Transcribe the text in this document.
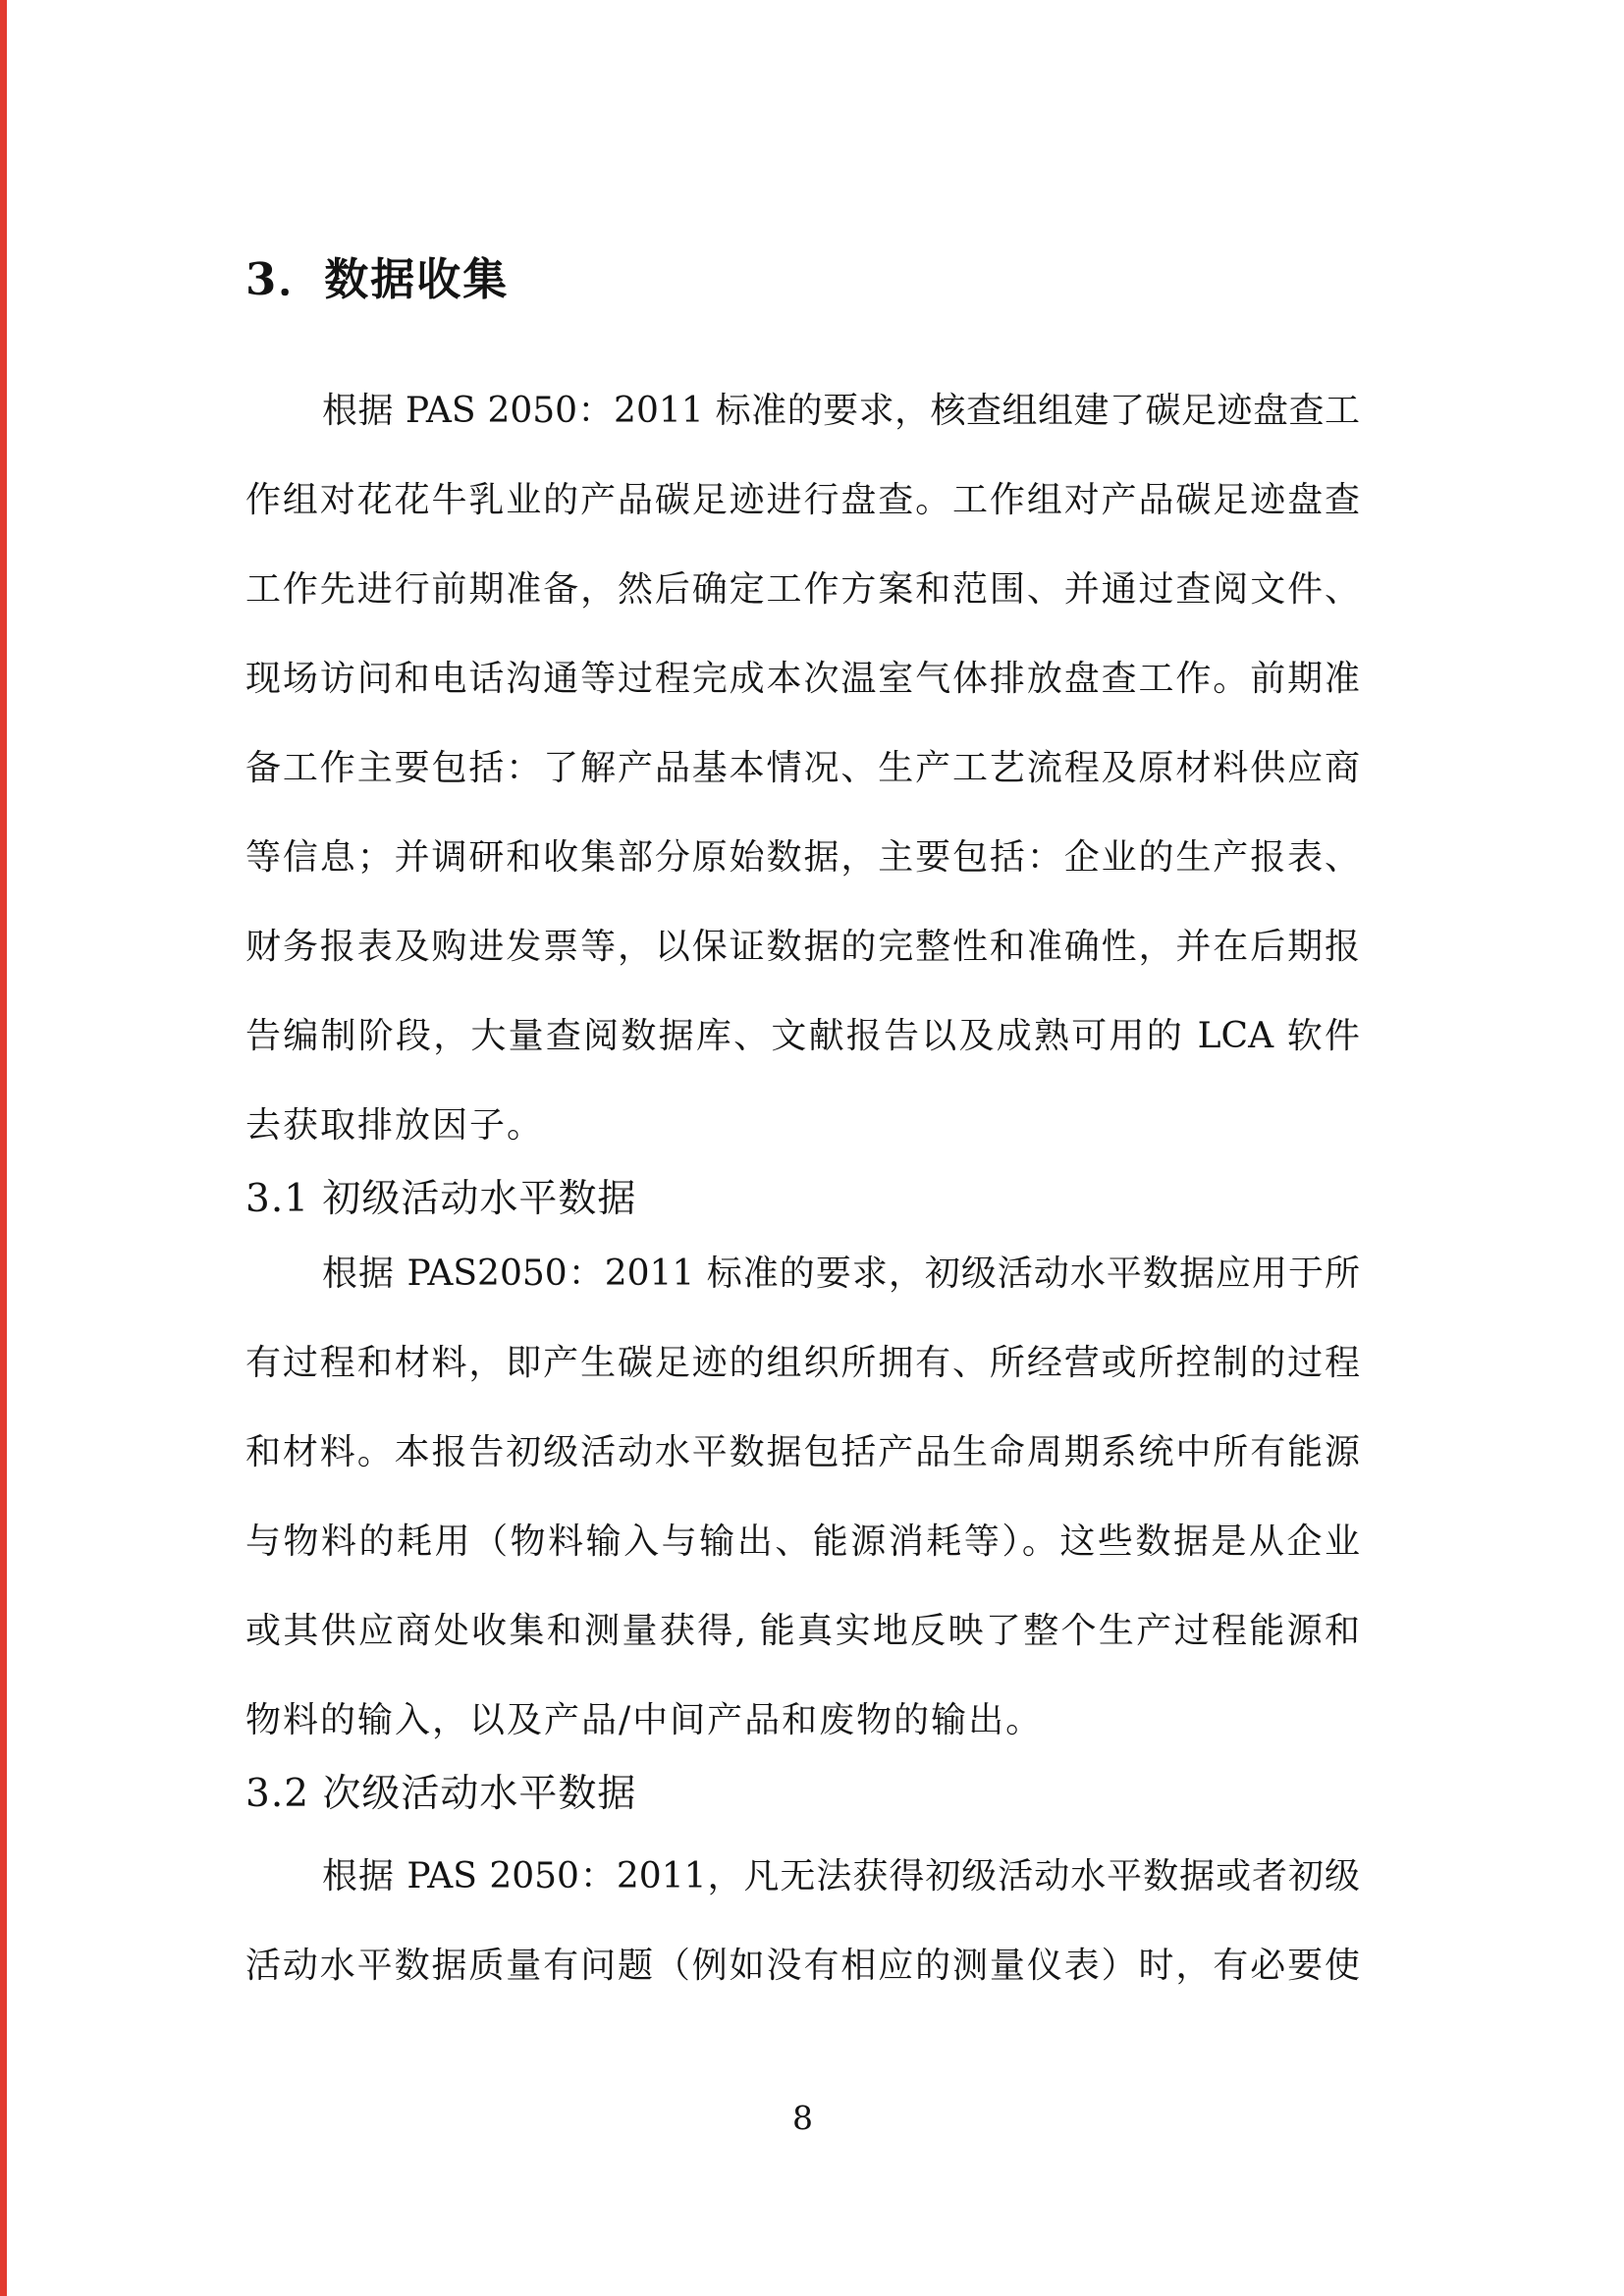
3．数据收集
根据 PAS 2050：2011 标准的要求，核查组组建了碳足迹盘查工
作组对花花牛乳业的产品碳足迹进行盘查。工作组对产品碳足迹盘查
工作先进行前期准备，然后确定工作方案和范围、并通过查阅文件、
现场访问和电话沟通等过程完成本次温室气体排放盘查工作。前期准
备工作主要包括：了解产品基本情况、生产工艺流程及原材料供应商
等信息；并调研和收集部分原始数据，主要包括：企业的生产报表、
财务报表及购进发票等，以保证数据的完整性和准确性，并在后期报
告编制阶段，大量查阅数据库、文献报告以及成熟可用的 LCA 软件
去获取排放因子。
3.1 初级活动水平数据
根据 PAS2050：2011 标准的要求，初级活动水平数据应用于所
有过程和材料，即产生碳足迹的组织所拥有、所经营或所控制的过程
和材料。本报告初级活动水平数据包括产品生命周期系统中所有能源
与物料的耗用（物料输入与输出、能源消耗等）。这些数据是从企业
或其供应商处收集和测量获得, 能真实地反映了整个生产过程能源和
物料的输入，以及产品/中间产品和废物的输出。
3.2 次级活动水平数据
根据 PAS 2050：2011，凡无法获得初级活动水平数据或者初级
活动水平数据质量有问题（例如没有相应的测量仪表）时，有必要使
8
